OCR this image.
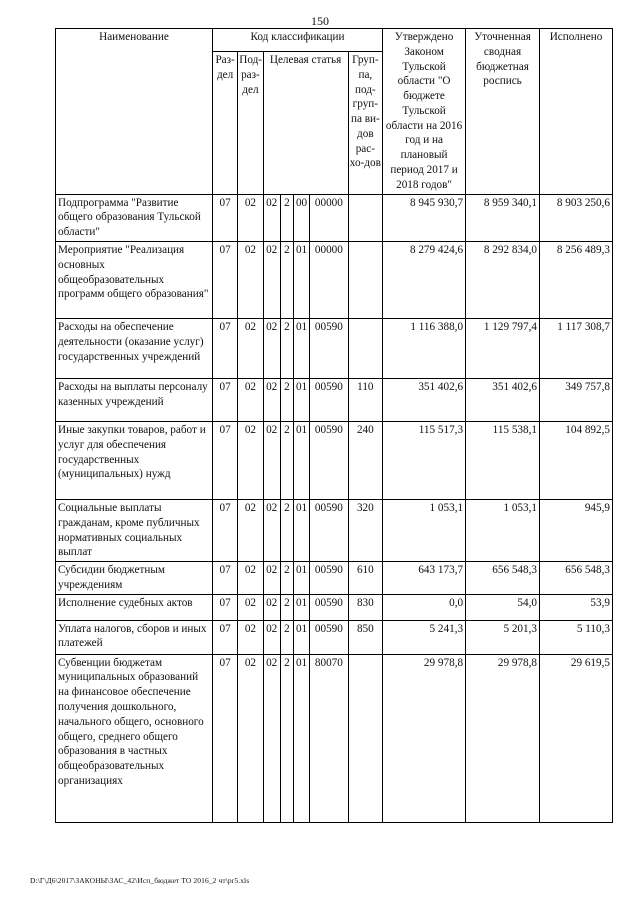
150
Наименование	Код классификации							Утверждено Законом Тульской области "О бюджете Тульской области на 2016 год и на плановый период 2017 и 2018 годов"	Уточненная сводная бюджетная роспись	Исполнено
	Раз-дел	Под-раз-дел	Целевая статья				Груп-па, под-груп-па ви-дов рас-хо-дов			
Подпрограмма "Развитие общего образования Тульской области"	07	02	02	2	00	00000		8 945 930,7	8 959 340,1	8 903 250,6
Мероприятие "Реализация основных общеобразовательных программ общего образования"	07	02	02	2	01	00000		8 279 424,6	8 292 834,0	8 256 489,3
Расходы на обеспечение деятельности (оказание услуг) государственных учреждений	07	02	02	2	01	00590		1 116 388,0	1 129 797,4	1 117 308,7
Расходы на выплаты персоналу казенных учреждений	07	02	02	2	01	00590	110	351 402,6	351 402,6	349 757,8
Иные закупки товаров, работ и услуг для обеспечения государственных (муниципальных) нужд	07	02	02	2	01	00590	240	115 517,3	115 538,1	104 892,5
Социальные выплаты гражданам, кроме публичных нормативных социальных выплат	07	02	02	2	01	00590	320	1 053,1	1 053,1	945,9
Субсидии бюджетным учреждениям	07	02	02	2	01	00590	610	643 173,7	656 548,3	656 548,3
Исполнение судебных актов	07	02	02	2	01	00590	830	0,0	54,0	53,9
Уплата налогов, сборов и иных платежей	07	02	02	2	01	00590	850	5 241,3	5 201,3	5 110,3
Субвенции бюджетам муниципальных образований на финансовое обеспечение получения дошкольного, начального общего, основного общего, среднего общего образования в частных общеобразовательных организациях	07	02	02	2	01	80070		29 978,8	29 978,8	29 619,5
D:\Г\Д6\2017\ЗАКОНЫ\ЗАС_42\Исп_бюджет ТО 2016_2 чт\pr5.xls
